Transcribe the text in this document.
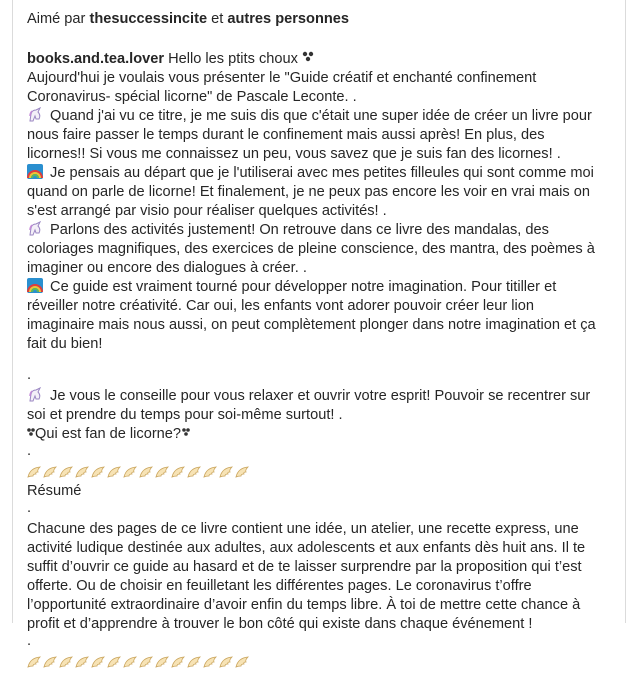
Aimé par thesuccessincite et autres personnes
books.and.tea.lover Hello les ptits choux
Aujourd'hui je voulais vous présenter le "Guide créatif et enchanté confinement
Coronavirus- spécial licorne" de Pascale Leconte. .
Quand j'ai vu ce titre, je me suis dis que c'était une super idée de créer un livre pour
nous faire passer le temps durant le confinement mais aussi après! En plus, des
licornes!! Si vous me connaissez un peu, vous savez que je suis fan des licornes! .
Je pensais au départ que je l'utiliserai avec mes petites filleules qui sont comme moi
quand on parle de licorne! Et finalement, je ne peux pas encore les voir en vrai mais on
s'est arrangé par visio pour réaliser quelques activités! .
Parlons des activités justement! On retrouve dans ce livre des mandalas, des
coloriages magnifiques, des exercices de pleine conscience, des mantra, des poèmes à
imaginer ou encore des dialogues à créer. .
Ce guide est vraiment tourné pour développer notre imagination. Pour titiller et
réveiller notre créativité. Car oui, les enfants vont adorer pouvoir créer leur lion
imaginaire mais nous aussi, on peut complètement plonger dans notre imagination et ça
fait du bien!
.
Je vous le conseille pour vous relaxer et ouvrir votre esprit! Pouvoir se recentrer sur
soi et prendre du temps pour soi-même surtout! .
Qui est fan de licorne?
.
Résumé
.
Chacune des pages de ce livre contient une idée, un atelier, une recette express, une
activité ludique destinée aux adultes, aux adolescents et aux enfants dès huit ans. Il te
suffit d’ouvrir ce guide au hasard et de te laisser surprendre par la proposition qui t’est
offerte. Ou de choisir en feuilletant les différentes pages. Le coronavirus t’offre
l’opportunité extraordinaire d’avoir enfin du temps libre. À toi de mettre cette chance à
profit et d’apprendre à trouver le bon côté qui existe dans chaque événement !
.
